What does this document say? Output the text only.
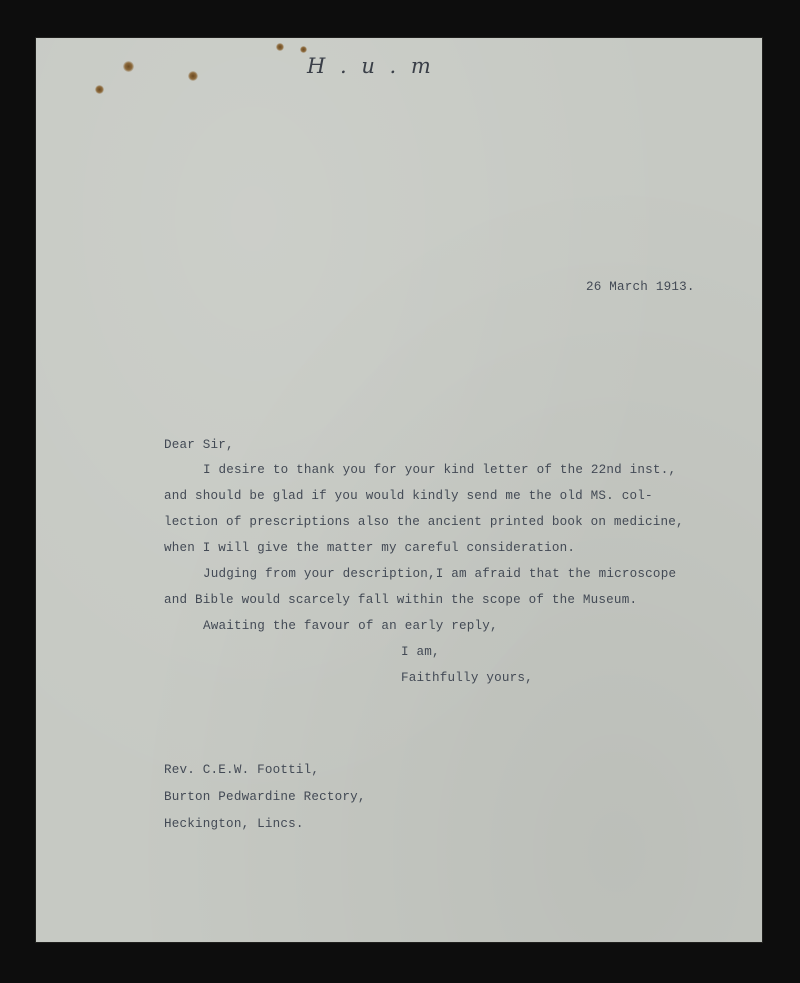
H . u . m
26 March 1913.
Dear Sir,
I desire to thank you for your kind letter of the 22nd inst.,
and should be glad if you would kindly send me the old MS. col-
lection of prescriptions also the ancient printed book on medicine,
when I will give the matter my careful consideration.
Judging from your description,I am afraid that the microscope
and Bible would scarcely fall within the scope of the Museum.
Awaiting the favour of an early reply,
I am,
Faithfully yours,
Rev. C.E.W. Foottil,
Burton Pedwardine Rectory,
Heckington, Lincs.
